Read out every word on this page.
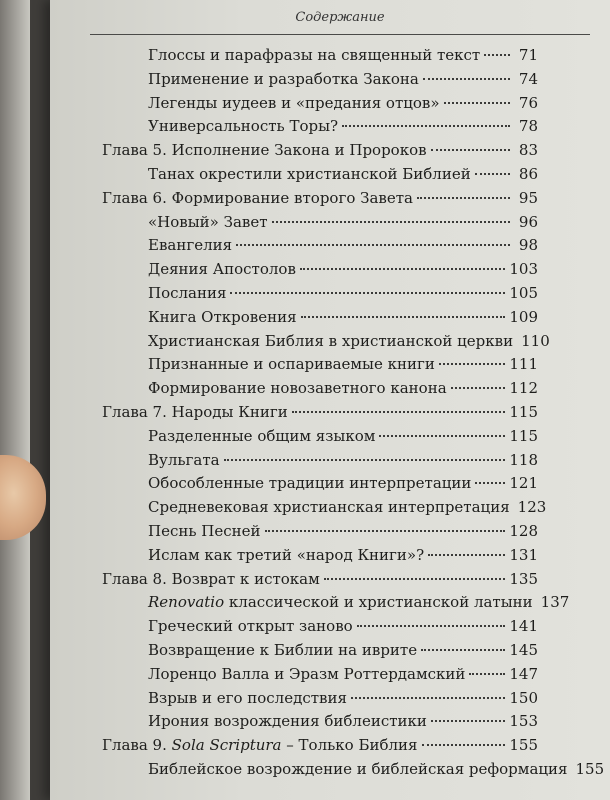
Содержание
Глоссы и парафразы на священный текст	71
Применение и разработка Закона	74
Легенды иудеев и «предания отцов»	76
Универсальность Торы?	78
Глава 5. Исполнение Закона и Пророков	83
Танах окрестили христианской Библией	86
Глава 6. Формирование второго Завета	95
«Новый» Завет	96
Евангелия	98
Деяния Апостолов	103
Послания	105
Книга Откровения	109
Христианская Библия в христианской церкви 110
Признанные и оспариваемые книги	111
Формирование новозаветного канона	112
Глава 7. Народы Книги	115
Разделенные общим языком	115
Вульгата	118
Обособленные традиции интерпретации	121
Средневековая христианская интерпретация 123
Песнь Песней	128
Ислам как третий «народ Книги»?	131
Глава 8. Возврат к истокам	135
Renovatio классической и христианской латыни 137
Греческий открыт заново	141
Возвращение к Библии на иврите	145
Лоренцо Валла и Эразм Роттердамский	147
Взрыв и его последствия	150
Ирония возрождения библеистики	153
Глава 9. Sola Scriptura – Только Библия	155
Библейское возрождение и библейская реформация 155
